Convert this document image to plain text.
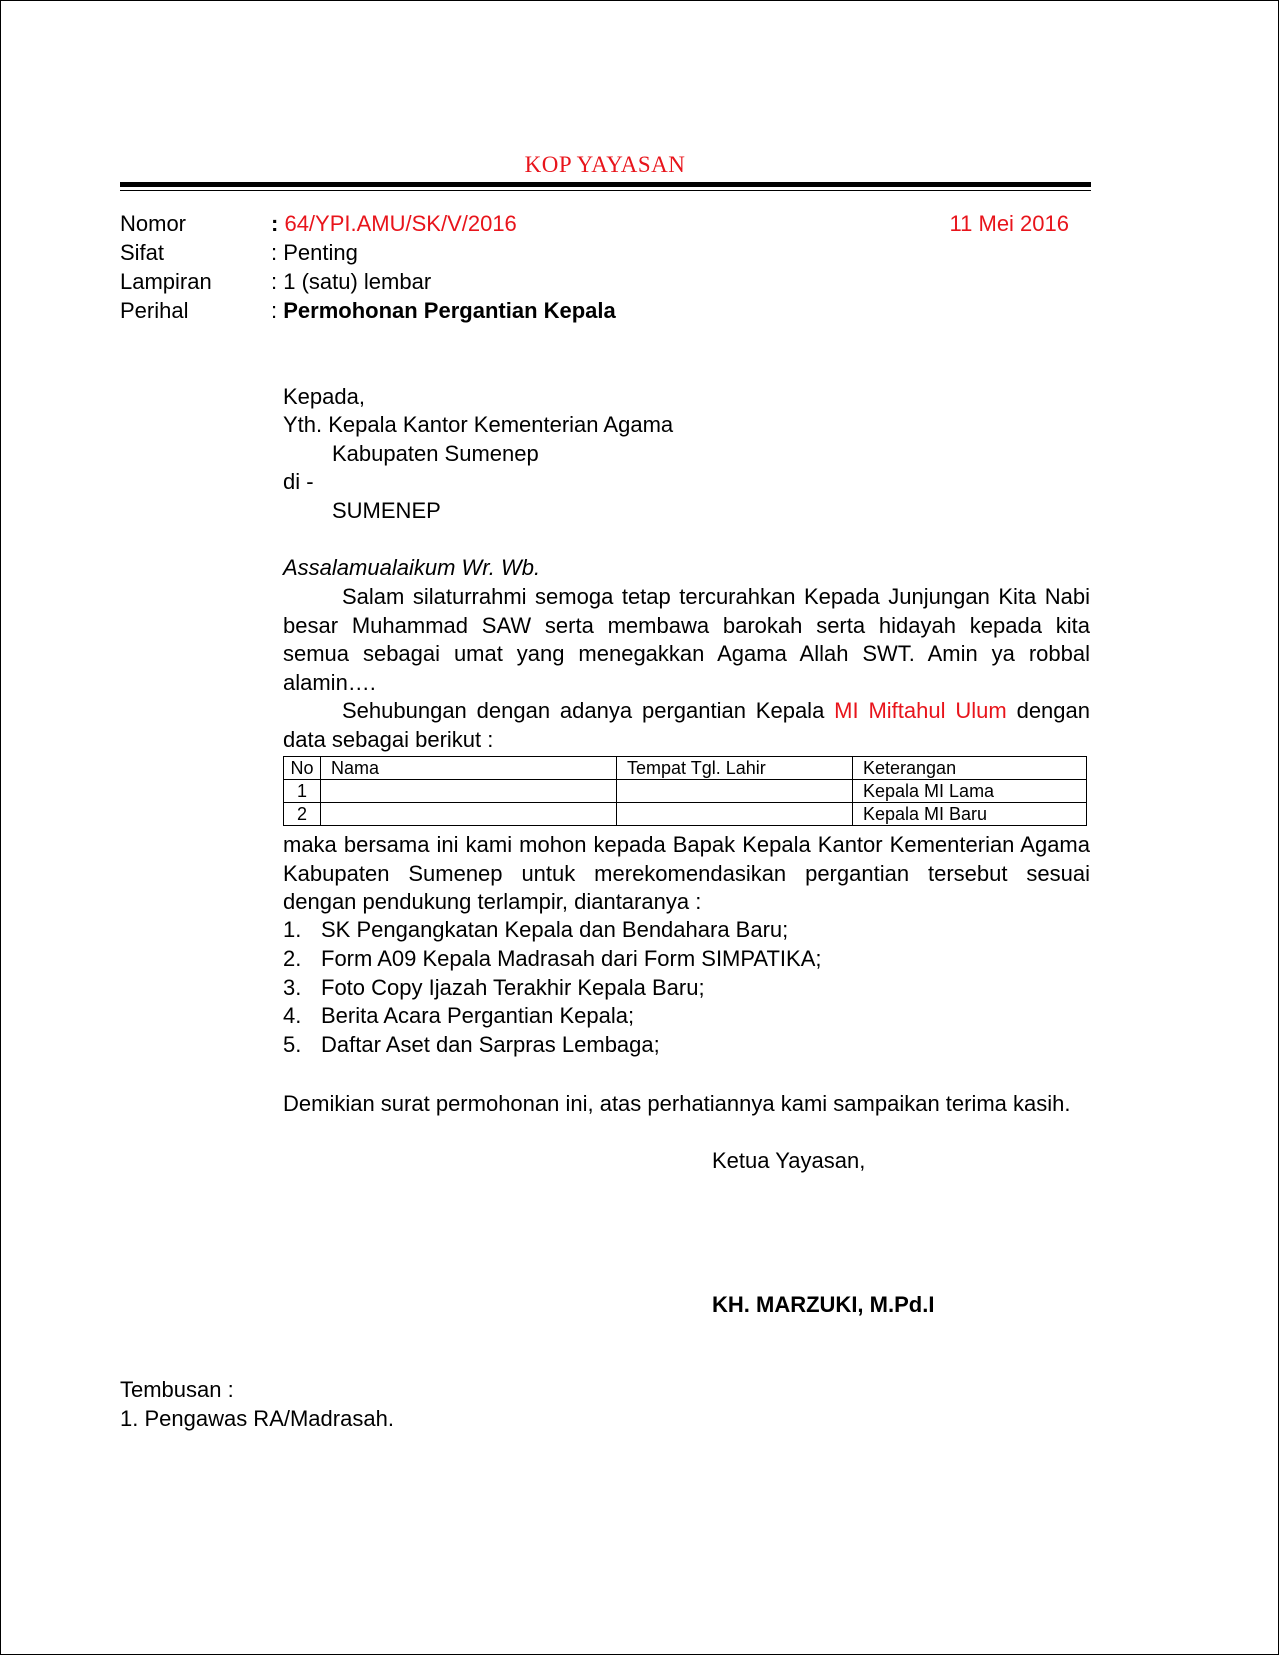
KOP YAYASAN
Nomor	: 64/YPI.AMU/SK/V/2016	11 Mei 2016
Sifat	: Penting
Lampiran	: 1 (satu) lembar
Perihal	: Permohonan Pergantian Kepala
Kepada,
Yth. Kepala Kantor Kementerian Agama
Kabupaten Sumenep
di -
SUMENEP
Assalamualaikum Wr. Wb.

Salam silaturrahmi semoga tetap tercurahkan Kepada Junjungan Kita Nabi besar Muhammad SAW serta membawa barokah serta hidayah kepada kita semua sebagai umat yang menegakkan Agama Allah SWT. Amin ya robbal alamin….

Sehubungan dengan adanya pergantian Kepala MI Miftahul Ulum dengan data sebagai berikut :

No	Nama	Tempat Tgl. Lahir	Keterangan
1			Kepala MI Lama
2			Kepala MI Baru

maka bersama ini kami mohon kepada Bapak Kepala Kantor Kementerian Agama Kabupaten Sumenep untuk merekomendasikan pergantian tersebut sesuai dengan pendukung terlampir, diantaranya :

1. SK Pengangkatan Kepala dan Bendahara Baru;
2. Form A09 Kepala Madrasah dari Form SIMPATIKA;
3. Foto Copy Ijazah Terakhir Kepala Baru;
4. Berita Acara Pergantian Kepala;
5. Daftar Aset dan Sarpras Lembaga;
Demikian surat permohonan ini, atas perhatiannya kami sampaikan terima kasih.
Ketua Yayasan,
KH. MARZUKI, M.Pd.I
Tembusan :
1. Pengawas RA/Madrasah.
